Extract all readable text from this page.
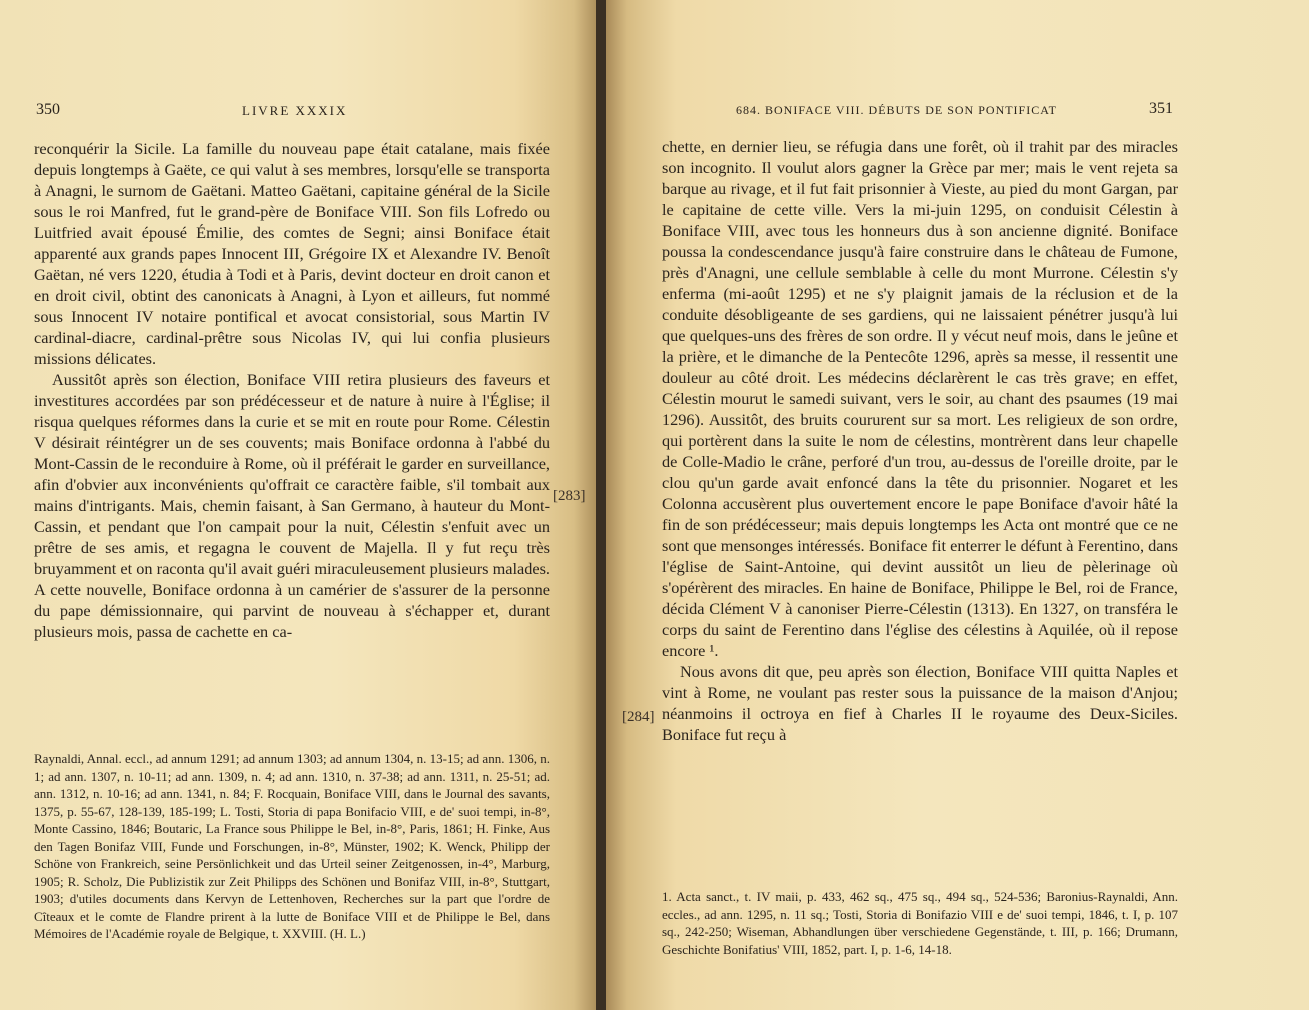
350	LIVRE XXXIX

reconquérir la Sicile. La famille du nouveau pape était catalane, mais fixée depuis longtemps à Gaëte, ce qui valut à ses membres, lorsqu'elle se transporta à Anagni, le surnom de Gaëtani. Matteo Gaëtani, capitaine général de la Sicile sous le roi Manfred, fut le grand-père de Boniface VIII. Son fils Lofredo ou Luitfried avait épousé Émilie, des comtes de Segni; ainsi Boniface était apparenté aux grands papes Innocent III, Grégoire IX et Alexandre IV. Benoît Gaëtan, né vers 1220, étudia à Todi et à Paris, devint docteur en droit canon et en droit civil, obtint des canonicats à Anagni, à Lyon et ailleurs, fut nommé sous Innocent IV notaire pontifical et avocat consistorial, sous Martin IV cardinal-diacre, cardinal-prêtre sous Nicolas IV, qui lui confia plusieurs missions délicates.

Aussitôt après son élection, Boniface VIII retira plusieurs des faveurs et investitures accordées par son prédécesseur et de nature à nuire à l'Église; il risqua quelques réformes dans la curie et se mit en route pour Rome. Célestin V désirait réintégrer un de ses couvents; mais Boniface ordonna à l'abbé du Mont-Cassin de le reconduire à Rome, où il préférait le garder en surveillance, afin d'obvier aux inconvénients qu'offrait ce caractère faible, s'il tombait aux mains d'intrigants. Mais, chemin faisant, à San Germano, à hauteur du Mont-Cassin, et pendant que l'on campait pour la nuit, Célestin s'enfuit avec un prêtre de ses amis, et regagna le couvent de Majella. Il y fut reçu très bruyamment et on raconta qu'il avait guéri miraculeusement plusieurs malades. A cette nouvelle, Boniface ordonna à un camérier de s'assurer de la personne du pape démissionnaire, qui parvint de nouveau à s'échapper et, durant plusieurs mois, passa de cachette en ca-

Raynaldi, Annal. eccl., ad annum 1291; ad annum 1303; ad annum 1304, n. 13-15; ad ann. 1306, n. 1; ad ann. 1307, n. 10-11; ad ann. 1309, n. 4; ad ann. 1310, n. 37-38; ad ann. 1311, n. 25-51; ad. ann. 1312, n. 10-16; ad ann. 1341, n. 84; F. Rocquain, Boniface VIII, dans le Journal des savants, 1375, p. 55-67, 128-139, 185-199; L. Tosti, Storia di papa Bonifacio VIII, e de' suoi tempi, in-8°, Monte Cassino, 1846; Boutaric, La France sous Philippe le Bel, in-8°, Paris, 1861; H. Finke, Aus den Tagen Bonifaz VIII, Funde und Forschungen, in-8°, Münster, 1902; K. Wenck, Philipp der Schöne von Frankreich, seine Persönlichkeit und das Urteil seiner Zeitgenossen, in-4°, Marburg, 1905; R. Scholz, Die Publizistik zur Zeit Philipps des Schönen und Bonifaz VIII, in-8°, Stuttgart, 1903; d'utiles documents dans Kervyn de Lettenhoven, Recherches sur la part que l'ordre de Cîteaux et le comte de Flandre prirent à la lutte de Boniface VIII et de Philippe le Bel, dans Mémoires de l'Académie royale de Belgique, t. XXVIII. (H. L.)

684. BONIFACE VIII. DÉBUTS DE SON PONTIFICAT	351

chette, en dernier lieu, se réfugia dans une forêt, où il trahit par des miracles son incognito. Il voulut alors gagner la Grèce par mer; mais le vent rejeta sa barque au rivage, et il fut fait prisonnier à Vieste, au pied du mont Gargan, par le capitaine de cette ville. Vers la mi-juin 1295, on conduisit Célestin à Boniface VIII, avec tous les honneurs dus à son ancienne dignité. Boniface poussa la condescendance jusqu'à faire construire dans le château de Fumone, près d'Anagni, une cellule semblable à celle du mont Murrone. Célestin s'y enferma (mi-août 1295) et ne s'y plaignit jamais de la réclusion et de la conduite désobligeante de ses gardiens, qui ne laissaient pénétrer jusqu'à lui que quelques-uns des frères de son ordre. Il y vécut neuf mois, dans le jeûne et la prière, et le dimanche de la Pentecôte 1296, après sa messe, il ressentit une douleur au côté droit. Les médecins déclarèrent le cas très grave; en effet, Célestin mourut le samedi suivant, vers le soir, au chant des psaumes (19 mai 1296). Aussitôt, des bruits coururent sur sa mort. Les religieux de son ordre, qui portèrent dans la suite le nom de célestins, montrèrent dans leur chapelle de Colle-Madio le crâne, perforé d'un trou, au-dessus de l'oreille droite, par le clou qu'un garde avait enfoncé dans la tête du prisonnier. Nogaret et les Colonna accusèrent plus ouvertement encore le pape Boniface d'avoir hâté la fin de son prédécesseur; mais depuis longtemps les Acta ont montré que ce ne sont que mensonges intéressés. Boniface fit enterrer le défunt à Ferentino, dans l'église de Saint-Antoine, qui devint aussitôt un lieu de pèlerinage où s'opérèrent des miracles. En haine de Boniface, Philippe le Bel, roi de France, décida Clément V à canoniser Pierre-Célestin (1313). En 1327, on transféra le corps du saint de Ferentino dans l'église des célestins à Aquilée, où il repose encore ¹.

Nous avons dit que, peu après son élection, Boniface VIII quitta Naples et vint à Rome, ne voulant pas rester sous la puissance de la maison d'Anjou; néanmoins il octroya en fief à Charles II le royaume des Deux-Siciles. Boniface fut reçu à

1. Acta sanct., t. IV maii, p. 433, 462 sq., 475 sq., 494 sq., 524-536; Baronius-Raynaldi, Ann. eccles., ad ann. 1295, n. 11 sq.; Tosti, Storia di Bonifazio VIII e de' suoi tempi, 1846, t. I, p. 107 sq., 242-250; Wiseman, Abhandlungen über verschiedene Gegenstände, t. III, p. 166; Drumann, Geschichte Bonifatius' VIII, 1852, part. I, p. 1-6, 14-18.

[283]
[284]
